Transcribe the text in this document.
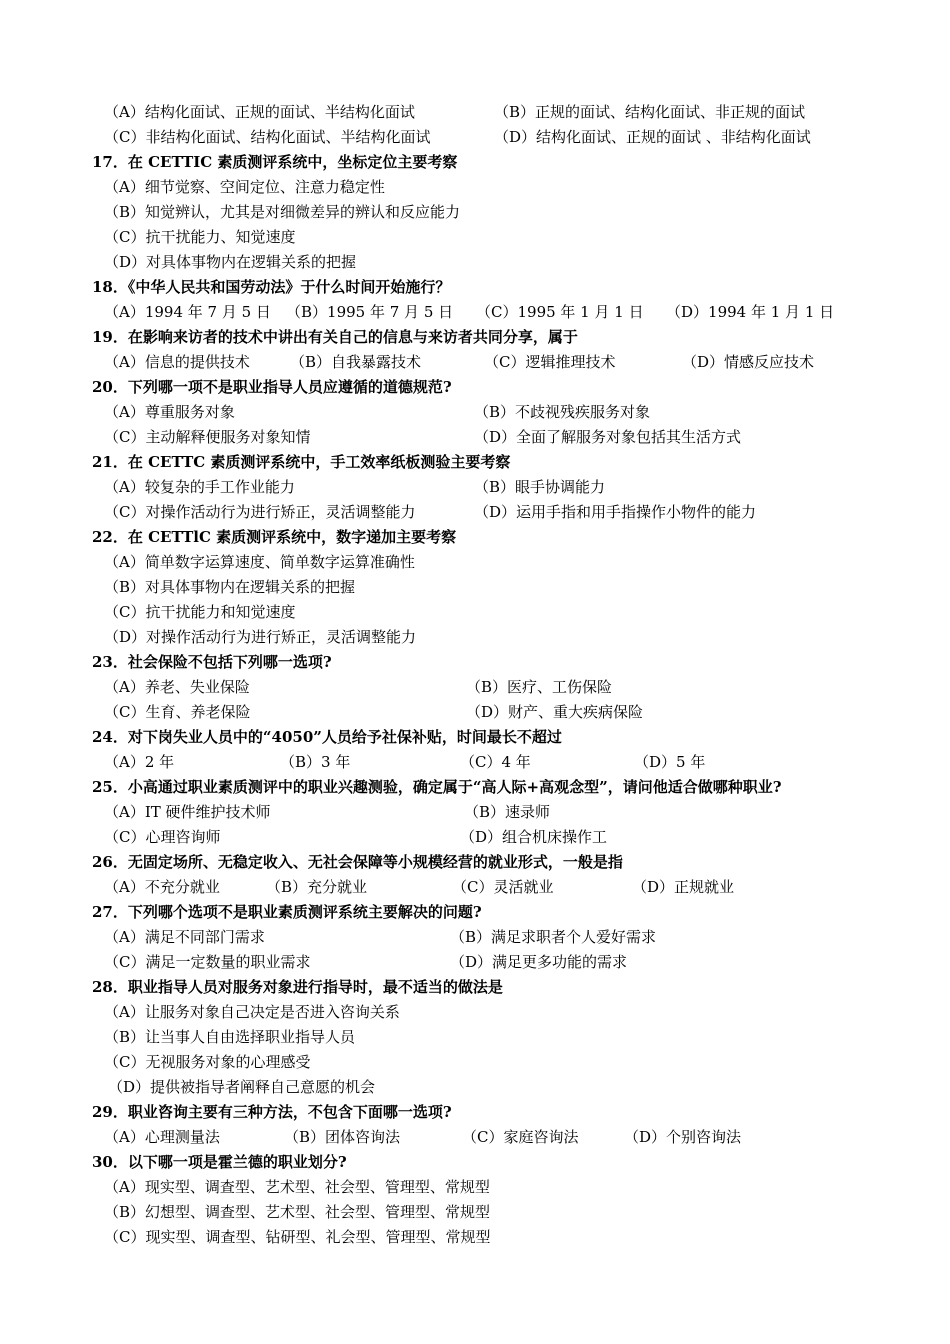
（A）结构化面试、正规的面试、半结构化面试	（B）正规的面试、结构化面试、非正规的面试
（C）非结构化面试、结构化面试、半结构化面试	（D）结构化面试、正规的面试 、非结构化面试
17．在 CETTIC 素质测评系统中，坐标定位主要考察
（A）细节觉察、空间定位、注意力稳定性
（B）知觉辨认，尤其是对细微差异的辨认和反应能力
（C）抗干扰能力、知觉速度
（D）对具体事物内在逻辑关系的把握
18．《中华人民共和国劳动法》于什么时间开始施行？
（A）1994 年 7 月 5 日 （B）1995 年 7 月 5 日 （C）1995 年 1 月 1 日 （D）1994 年 1 月 1 日
19．在影响来访者的技术中讲出有关自己的信息与来访者共同分享，属于
（A）信息的提供技术	（B）自我暴露技术	（C）逻辑推理技术	（D）情感反应技术
20．下列哪一项不是职业指导人员应遵循的道德规范?
（A）尊重服务对象	（B）不歧视残疾服务对象
（C）主动解释便服务对象知情	（D）全面了解服务对象包括其生活方式
21．在 CETTC 素质测评系统中，手工效率纸板测验主要考察
（A）较复杂的手工作业能力	（B）眼手协调能力
（C）对操作活动行为进行矫正，灵活调整能力	（D）运用手指和用手指操作小物件的能力
22．在 CETTlC 素质测评系统中，数字递加主要考察
（A）简单数字运算速度、简单数字运算准确性
（B）对具体事物内在逻辑关系的把握
（C）抗干扰能力和知觉速度
（D）对操作活动行为进行矫正，灵活调整能力
23．社会保险不包括下列哪一选项?
（A）养老、失业保险	（B）医疗、工伤保险
（C）生育、养老保险	（D）财产、重大疾病保险
24．对下岗失业人员中的“4050”人员给予社保补贴，时间最长不超过
（A）2 年	（B）3 年	（C）4 年	（D）5 年
25．小高通过职业素质测评中的职业兴趣测验，确定属于“高人际+高观念型”，请问他适合做哪种职业?
（A）IT 硬件维护技术师	（B）速录师
（C）心理咨询师	（D）组合机床操作工
26．无固定场所、无稳定收入、无社会保障等小规模经营的就业形式，一般是指
（A）不充分就业	（B）充分就业	（C）灵活就业	（D）正规就业
27．下列哪个选项不是职业素质测评系统主要解决的问题?
（A）满足不同部门需求	（B）满足求职者个人爱好需求
（C）满足一定数量的职业需求	（D）满足更多功能的需求
28．职业指导人员对服务对象进行指导时，最不适当的做法是
（A）让服务对象自己决定是否进入咨询关系
（B）让当事人自由选择职业指导人员
（C）无视服务对象的心理感受
（D）提供被指导者阐释自己意愿的机会
29．职业咨询主要有三种方法，不包含下面哪一选项?
（A）心理测量法	（B）团体咨询法	（C）家庭咨询法	（D）个别咨询法
30．以下哪一项是霍兰德的职业划分?
（A）现实型、调查型、艺术型、社会型、管理型、常规型
（B）幻想型、调查型、艺术型、社会型、管理型、常规型
（C）现实型、调查型、钻研型、礼会型、管理型、常规型
